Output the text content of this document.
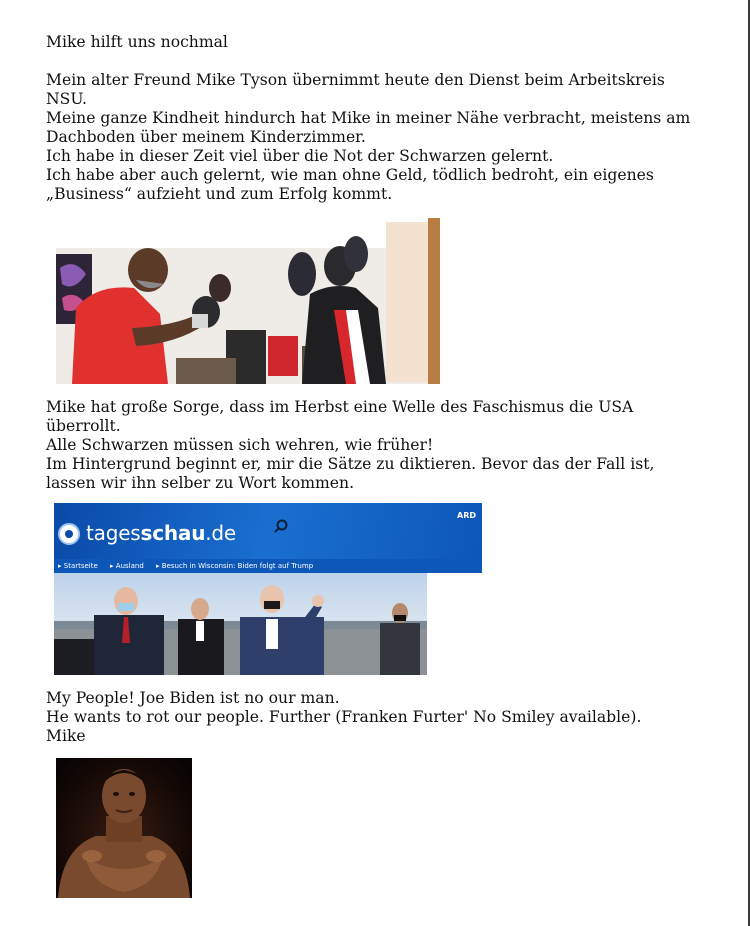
Mike hilft uns nochmal

Mein alter Freund Mike Tyson übernimmt heute den Dienst beim Arbeitskreis NSU.

Meine ganze Kindheit hindurch hat Mike in meiner Nähe verbracht, meistens am Dachboden über meinem Kinderzimmer.

Ich habe in dieser Zeit viel über die Not der Schwarzen gelernt.

Ich habe aber auch gelernt, wie man ohne Geld, tödlich bedroht, ein eigenes „Business“ aufzieht und zum Erfolg kommt.

Mike hat große Sorge, dass im Herbst eine Welle des Faschismus die USA überrollt.

Alle Schwarzen müssen sich wehren, wie früher!

Im Hintergrund beginnt er, mir die Sätze zu diktieren. Bevor das der Fall ist, lassen wir ihn selber zu Wort kommen.

tagesschau.de
ARD
▸ Startseite	▸ Ausland	▸ Besuch in Wisconsin: Biden folgt auf Trump

My People! Joe Biden ist no our man.

He wants to rot our people. Further (Franken Furter' No Smiley available).

Mike
